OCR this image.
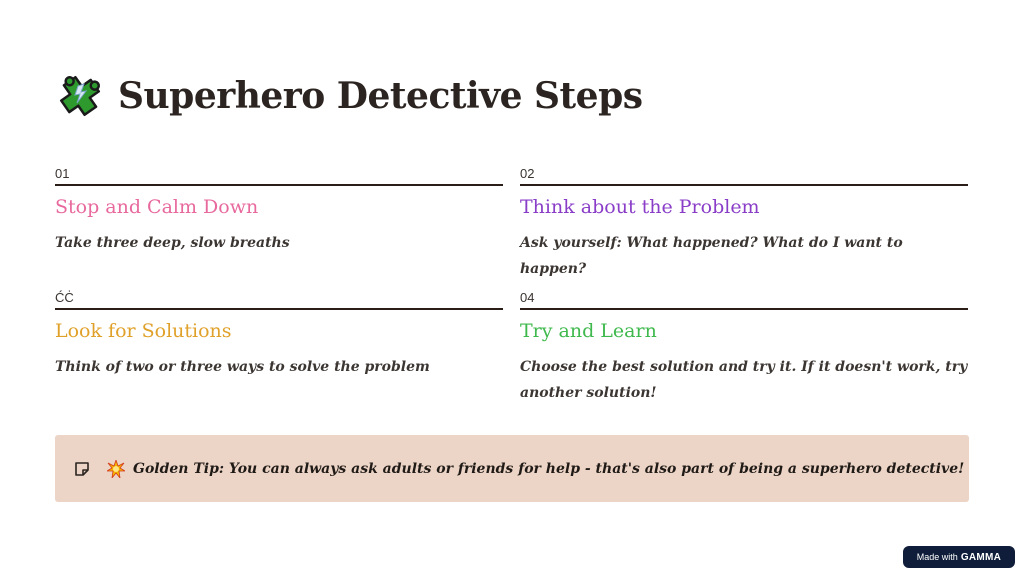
Superhero Detective Steps
01
Stop and Calm Down
Take three deep, slow breaths
02
Think about the Problem
Ask yourself: What happened? What do I want to happen?
ĆĊ
Look for Solutions
Think of two or three ways to solve the problem
04
Try and Learn
Choose the best solution and try it. If it doesn't work, try another solution!
Golden Tip: You can always ask adults or friends for help - that's also part of being a superhero detective!
Made with GAMMA
